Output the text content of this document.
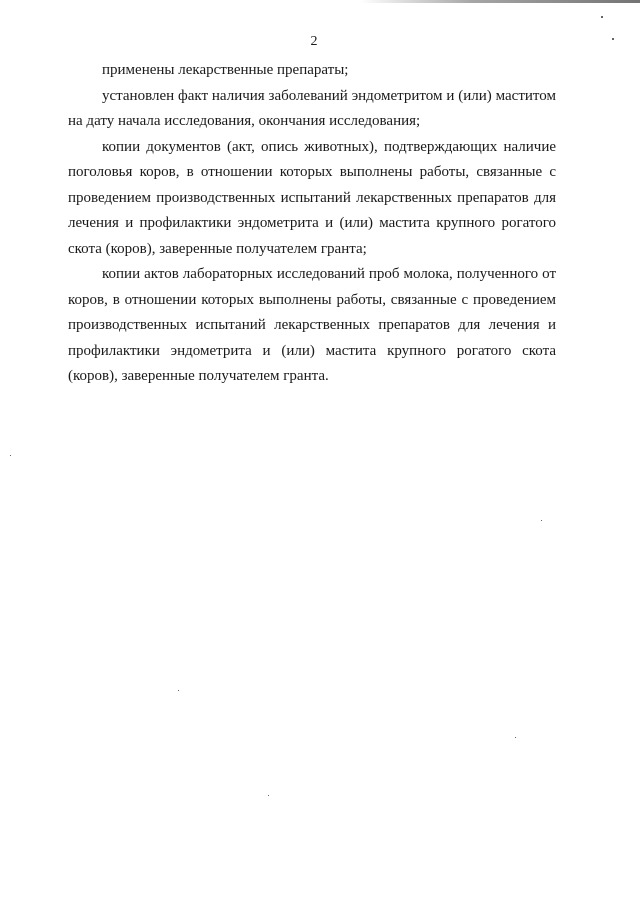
2

применены лекарственные препараты;

установлен факт наличия заболеваний эндометритом и (или) маститом на дату начала исследования, окончания исследования;

копии документов (акт, опись животных), подтверждающих наличие поголовья коров, в отношении которых выполнены работы, связанные с проведением производственных испытаний лекарственных препаратов для лечения и профилактики эндометрита и (или) мастита крупного рогатого скота (коров), заверенные получателем гранта;

копии актов лабораторных исследований проб молока, полученного от коров, в отношении которых выполнены работы, связанные с проведением производственных испытаний лекарственных препаратов для лечения и профилактики эндометрита и (или) мастита крупного рогатого скота (коров), заверенные получателем гранта.
